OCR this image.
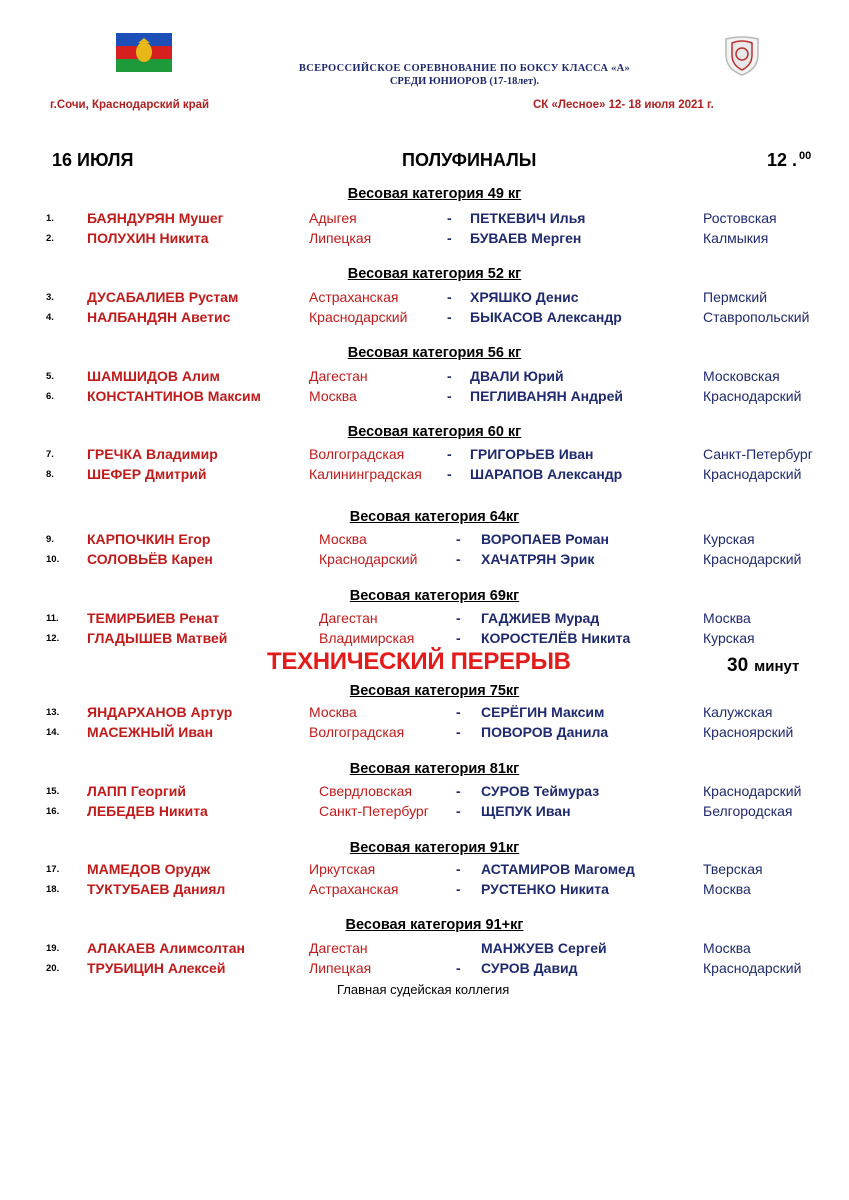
ВСЕРОССИЙСКОЕ СОРЕВНОВАНИЕ ПО БОКСУ КЛАССА «А»
СРЕДИ ЮНИОРОВ (17-18лет).
г.Сочи, Краснодарский край	СК «Лесное» 12- 18 июля 2021 г.
16 ИЮЛЯ	ПОЛУФИНАЛЫ	12 . $^{00}$
Весовая категория 49 кг
1. БАЯНДУРЯН Мушег	Адыгея	- ПЕТКЕВИЧ Илья	Ростовская
2. ПОЛУХИН Никита	Липецкая	- БУВАЕВ Мерген	Калмыкия
Весовая категория 52 кг
3. ДУСАБАЛИЕВ Рустам	Астраханская	- ХРЯШКО Денис	Пермский
4. НАЛБАНДЯН Аветис	Краснодарский	- БЫКАСОВ Александр	Ставропольский
Весовая категория 56 кг
5. ШАМШИДОВ Алим	Дагестан	- ДВАЛИ Юрий	Московская
6. КОНСТАНТИНОВ Максим	Москва	- ПЕГЛИВАНЯН Андрей	Краснодарский
Весовая категория 60 кг
7. ГРЕЧКА Владимир	Волгоградская	- ГРИГОРЬЕВ Иван	Санкт-Петербург
8. ШЕФЕР Дмитрий	Калининградская - ШАРАПОВ Александр	Краснодарский
Весовая категория 64кг
9. КАРПОЧКИН Егор	Москва	- ВОРОПАЕВ Роман	Курская
10. СОЛОВЬЁВ Карен	Краснодарский	- ХАЧАТРЯН Эрик	Краснодарский
Весовая категория 69кг
11. ТЕМИРБИЕВ Ренат	Дагестан	- ГАДЖИЕВ Мурад	Москва
12. ГЛАДЫШЕВ Матвей	Владимирская	- КОРОСТЕЛЁВ Никита	Курская
Весовая категория 75кг
13. ЯНДАРХАНОВ Артур	Москва	- СЕРЁГИН Максим	Калужская
14. МАСЕЖНЫЙ Иван	Волгоградская	- ПОВОРОВ Данила	Красноярский
Весовая категория 81кг
15. ЛАПП Георгий	Свердловская	- СУРОВ Теймураз	Краснодарский
16. ЛЕБЕДЕВ Никита	Санкт-Петербург - ЩЕПУК Иван	Белгородская
Весовая категория 91кг
17. МАМЕДОВ Орудж	Иркутская	- АСТАМИРОВ Магомед	Тверская
18. ТУКТУБАЕВ Даниял	Астраханская	- РУСТЕНКО Никита	Москва
Весовая категория 91+кг
19. АЛАКАЕВ Алимсолтан	Дагестан	МАНЖУЕВ Сергей	Москва
20. ТРУБИЦИН Алексей	Липецкая	- СУРОВ Давид	Краснодарский
ТЕХНИЧЕСКИЙ ПЕРЕРЫВ	30 минут
Главная судейская коллегия
